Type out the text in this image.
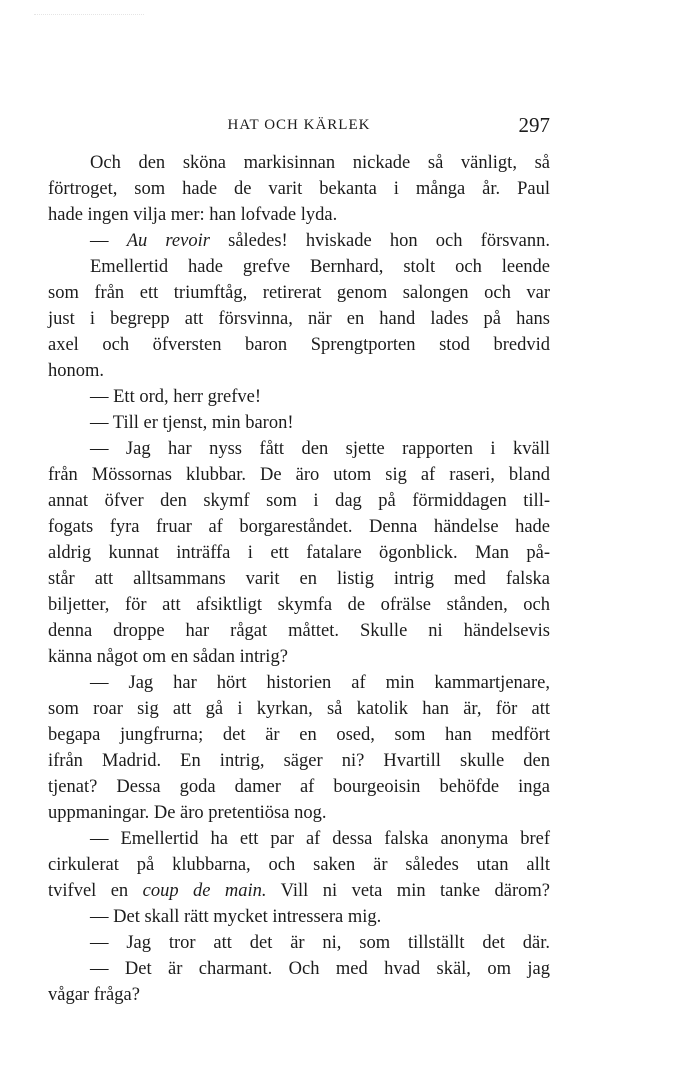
HAT OCH KÄRLEK	297
Och den sköna markisinnan nickade så vänligt, så
förtroget, som hade de varit bekanta i många år. Paul
hade ingen vilja mer: han lofvade lyda.
— Au revoir således! hviskade hon och försvann.
Emellertid hade grefve Bernhard, stolt och leende
som från ett triumftåg, retirerat genom salongen och var
just i begrepp att försvinna, när en hand lades på hans
axel och öfversten baron Sprengtporten stod bredvid
honom.
— Ett ord, herr grefve!
— Till er tjenst, min baron!
— Jag har nyss fått den sjette rapporten i kväll
från Mössornas klubbar. De äro utom sig af raseri, bland
annat öfver den skymf som i dag på förmiddagen till-
fogats fyra fruar af borgareståndet. Denna händelse hade
aldrig kunnat inträffa i ett fatalare ögonblick. Man på-
står att alltsammans varit en listig intrig med falska
biljetter, för att afsiktligt skymfa de ofrälse stånden, och
denna droppe har rågat måttet. Skulle ni händelsevis
känna något om en sådan intrig?
— Jag har hört historien af min kammartjenare,
som roar sig att gå i kyrkan, så katolik han är, för att
begapa jungfrurna; det är en osed, som han medfört
ifrån Madrid. En intrig, säger ni? Hvartill skulle den
tjenat? Dessa goda damer af bourgeoisin behöfde inga
uppmaningar. De äro pretentiösa nog.
— Emellertid ha ett par af dessa falska anonyma bref
cirkulerat på klubbarna, och saken är således utan allt
tvifvel en coup de main. Vill ni veta min tanke därom?
— Det skall rätt mycket intressera mig.
— Jag tror att det är ni, som tillställt det där.
— Det är charmant. Och med hvad skäl, om jag
vågar fråga?
